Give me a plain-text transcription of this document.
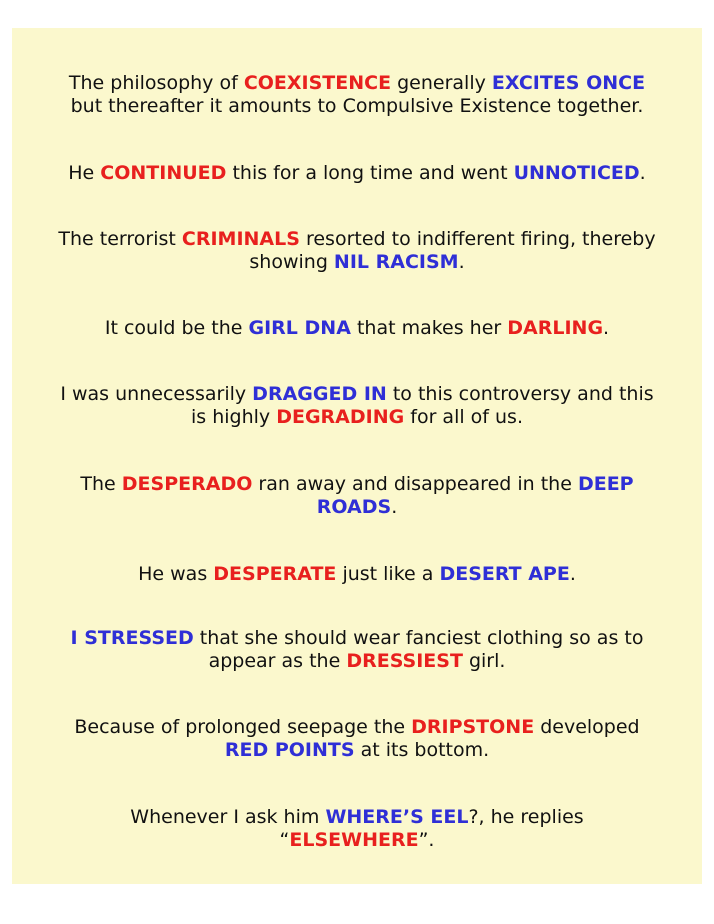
The philosophy of COEXISTENCE generally EXCITES ONCE
but thereafter it amounts to Compulsive Existence together.
He CONTINUED this for a long time and went UNNOTICED.
The terrorist CRIMINALS resorted to indifferent firing, thereby
showing NIL RACISM.
It could be the GIRL DNA that makes her DARLING.
I was unnecessarily DRAGGED IN to this controversy and this
is highly DEGRADING for all of us.
The DESPERADO ran away and disappeared in the DEEP
ROADS.
He was DESPERATE just like a DESERT APE.
I STRESSED that she should wear fanciest clothing so as to
appear as the DRESSIEST girl.
Because of prolonged seepage the DRIPSTONE developed
RED POINTS at its bottom.
Whenever I ask him WHERE’S EEL?, he replies
“ELSEWHERE”.
